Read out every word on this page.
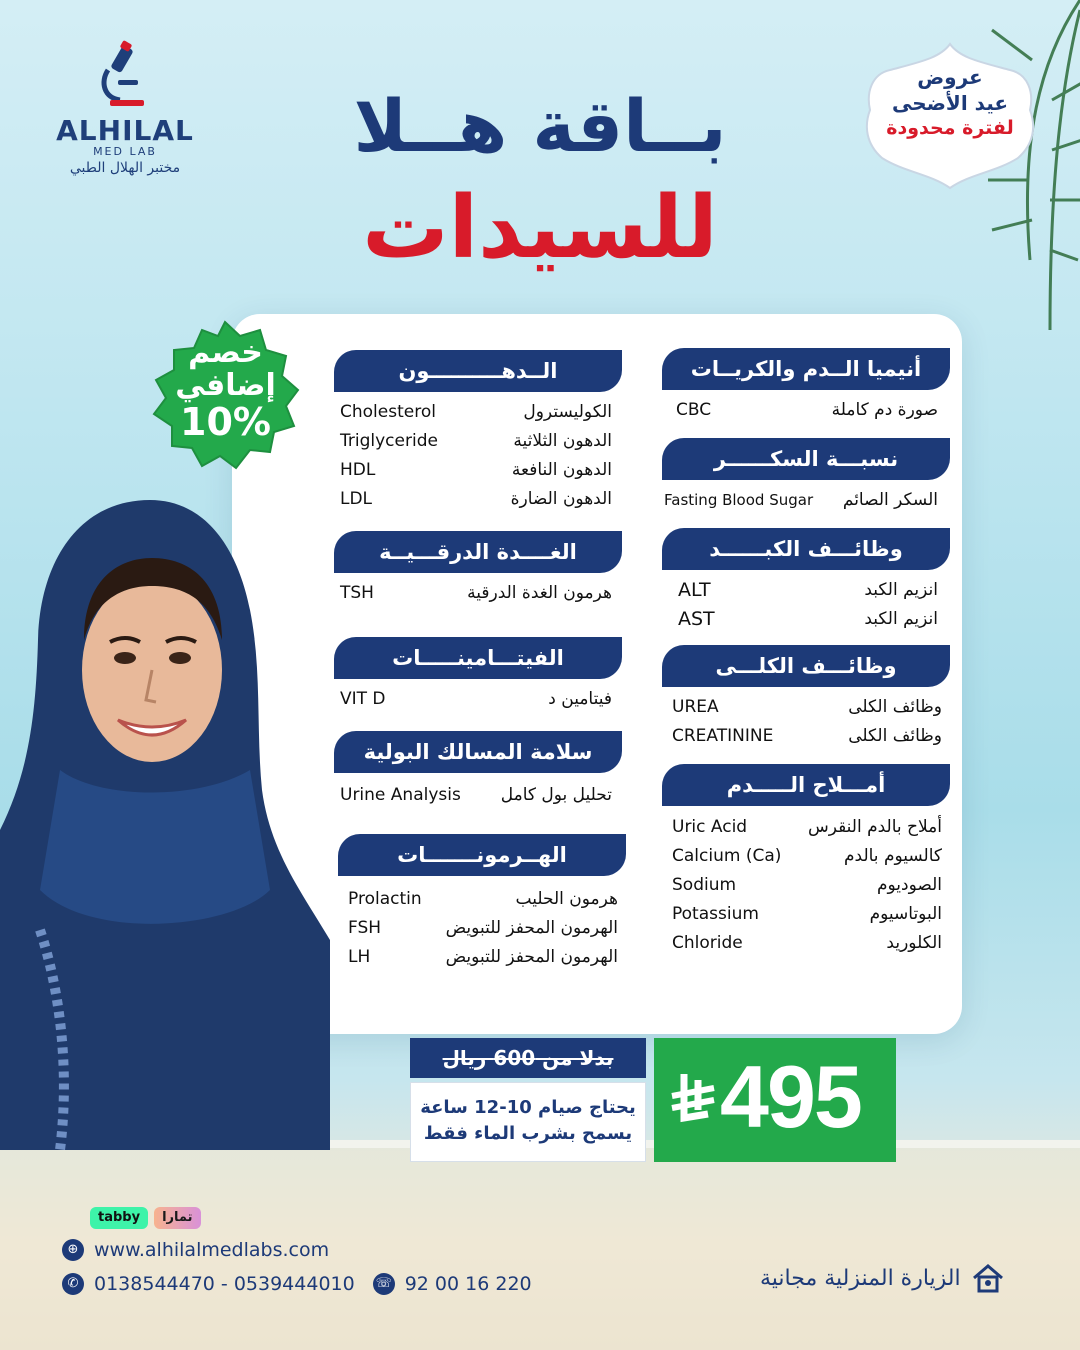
ALHILAL
MED LAB
مختبر الهلال الطبي بــاقة هــلا
للسيدات
عروض
عيد الأضحى
لفترة محدودة
خصم
إضافي
10%
أنيميا الــدم والكريــات
CBC	صورة دم كاملة
نسبـــة السكــــــر
Fasting Blood Sugar السكر الصائم
وظائـــف الكبــــــد
ALT	انزيم الكبد
AST	انزيم الكبد
وظائـــف الكلـــى
UREA	وظائف الكلى
CREATININE	وظائف الكلى
أمـــلاح الـــــدم
Uric Acid	أملاح بالدم النقرس
Calcium (Ca)	كالسيوم بالدم
Sodium	الصوديوم
Potassium	البوتاسيوم
Chloride	الكلوريد
الــدهــــــــــون
Cholesterol	الكوليسترول
Triglyceride	الدهون الثلاثية
HDL	الدهون النافعة
LDL	الدهون الضارة
الغــــدة الدرقـــيــة
TSH	هرمون الغدة الدرقية
الفيتـــامينـــــات
VIT D	فيتامين د
سلامة المسالك البولية
Urine Analysis تحليل بول كامل
الهــرمونـــــــات
Prolactin	هرمون الحليب
FSH	الهرمون المحفز للتبويض
LH	الهرمون المحفز للتبويض
بدلا من 600 ريال
يحتاج صيام 10-12 ساعة
يسمح بشرب الماء فقط 495
tabby	تمارا
⊕ www.alhilalmedlabs.com
✆ 0138544470 - 0539444010 ☏ 92 00 16 220	الزيارة المنزلية مجانية
